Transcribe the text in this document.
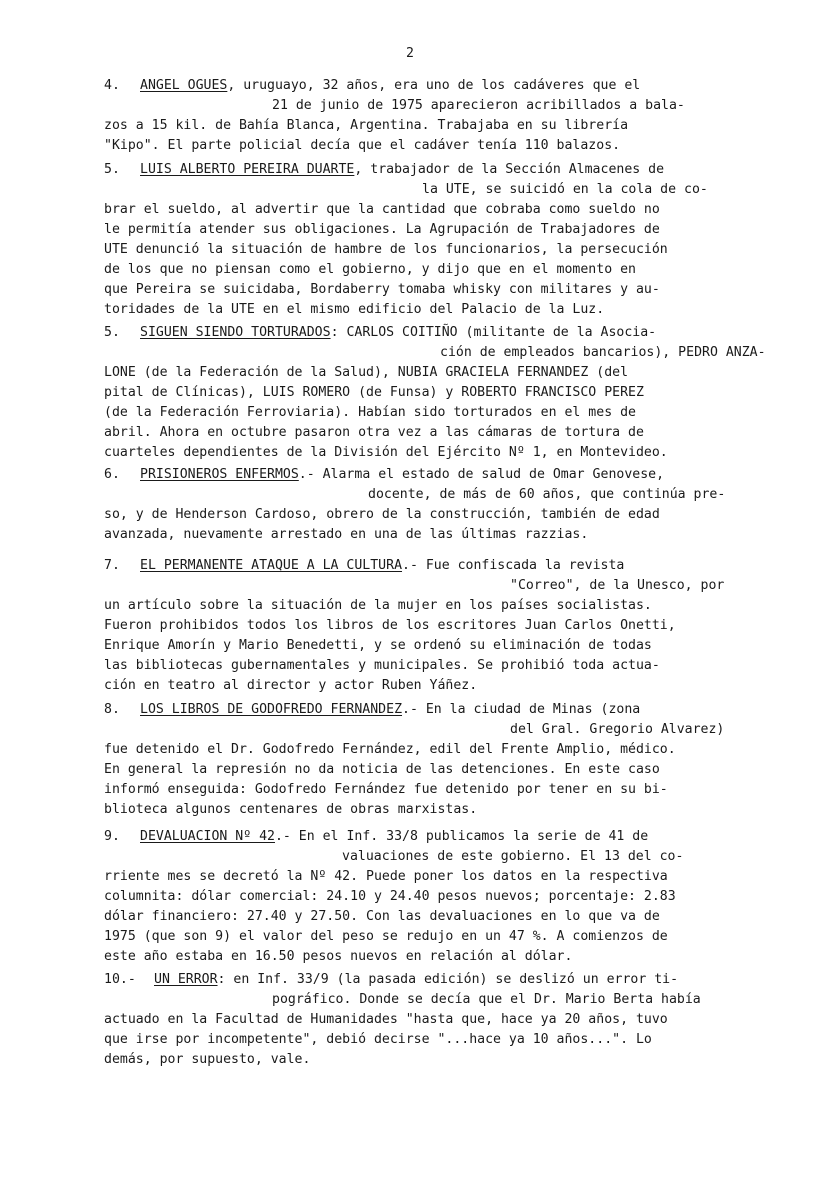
2
4. ANGEL OGUES, uruguayo, 32 años, era uno de los cadáveres que el
21 de junio de 1975 aparecieron acribillados a bala-
zos a 15 kil. de Bahía Blanca, Argentina. Trabajaba en su librería
"Kipo". El parte policial decía que el cadáver tenía 110 balazos.
5. LUIS ALBERTO PEREIRA DUARTE, trabajador de la Sección Almacenes de
la UTE, se suicidó en la cola de co-
brar el sueldo, al advertir que la cantidad que cobraba como sueldo no
le permitía atender sus obligaciones. La Agrupación de Trabajadores de
UTE denunció la situación de hambre de los funcionarios, la persecución
de los que no piensan como el gobierno, y dijo que en el momento en
que Pereira se suicidaba, Bordaberry tomaba whisky con militares y au-
toridades de la UTE en el mismo edificio del Palacio de la Luz.
5. SIGUEN SIENDO TORTURADOS: CARLOS COITIÑO (militante de la Asocia-
ción de empleados bancarios), PEDRO ANZA-
LONE (de la Federación de la Salud), NUBIA GRACIELA FERNANDEZ (del
pital de Clínicas), LUIS ROMERO (de Funsa) y ROBERTO FRANCISCO PEREZ
(de la Federación Ferroviaria). Habían sido torturados en el mes de
abril. Ahora en octubre pasaron otra vez a las cámaras de tortura de
cuarteles dependientes de la División del Ejército Nº 1, en Montevideo.
6. PRISIONEROS ENFERMOS.- Alarma el estado de salud de Omar Genovese,
docente, de más de 60 años, que continúa pre-
so, y de Henderson Cardoso, obrero de la construcción, también de edad
avanzada, nuevamente arrestado en una de las últimas razzias.
7. EL PERMANENTE ATAQUE A LA CULTURA.- Fue confiscada la revista
"Correo", de la Unesco, por
un artículo sobre la situación de la mujer en los países socialistas.
Fueron prohibidos todos los libros de los escritores Juan Carlos Onetti,
Enrique Amorín y Mario Benedetti, y se ordenó su eliminación de todas
las bibliotecas gubernamentales y municipales. Se prohibió toda actua-
ción en teatro al director y actor Ruben Yáñez.
8. LOS LIBROS DE GODOFREDO FERNANDEZ.- En la ciudad de Minas (zona
del Gral. Gregorio Alvarez)
fue detenido el Dr. Godofredo Fernández, edil del Frente Amplio, médico.
En general la represión no da noticia de las detenciones. En este caso
informó enseguida: Godofredo Fernández fue detenido por tener en su bi-
blioteca algunos centenares de obras marxistas.
9. DEVALUACION Nº 42.- En el Inf. 33/8 publicamos la serie de 41 de
valuaciones de este gobierno. El 13 del co-
rriente mes se decretó la Nº 42. Puede poner los datos en la respectiva
columnita: dólar comercial: 24.10 y 24.40 pesos nuevos; porcentaje: 2.83
dólar financiero: 27.40 y 27.50. Con las devaluaciones en lo que va de
1975 (que son 9) el valor del peso se redujo en un 47 %. A comienzos de
este año estaba en 16.50 pesos nuevos en relación al dólar.
10.- UN ERROR: en Inf. 33/9 (la pasada edición) se deslizó un error ti-
pográfico. Donde se decía que el Dr. Mario Berta había
actuado en la Facultad de Humanidades "hasta que, hace ya 20 años, tuvo
que irse por incompetente", debió decirse "...hace ya 10 años...". Lo
demás, por supuesto, vale.
